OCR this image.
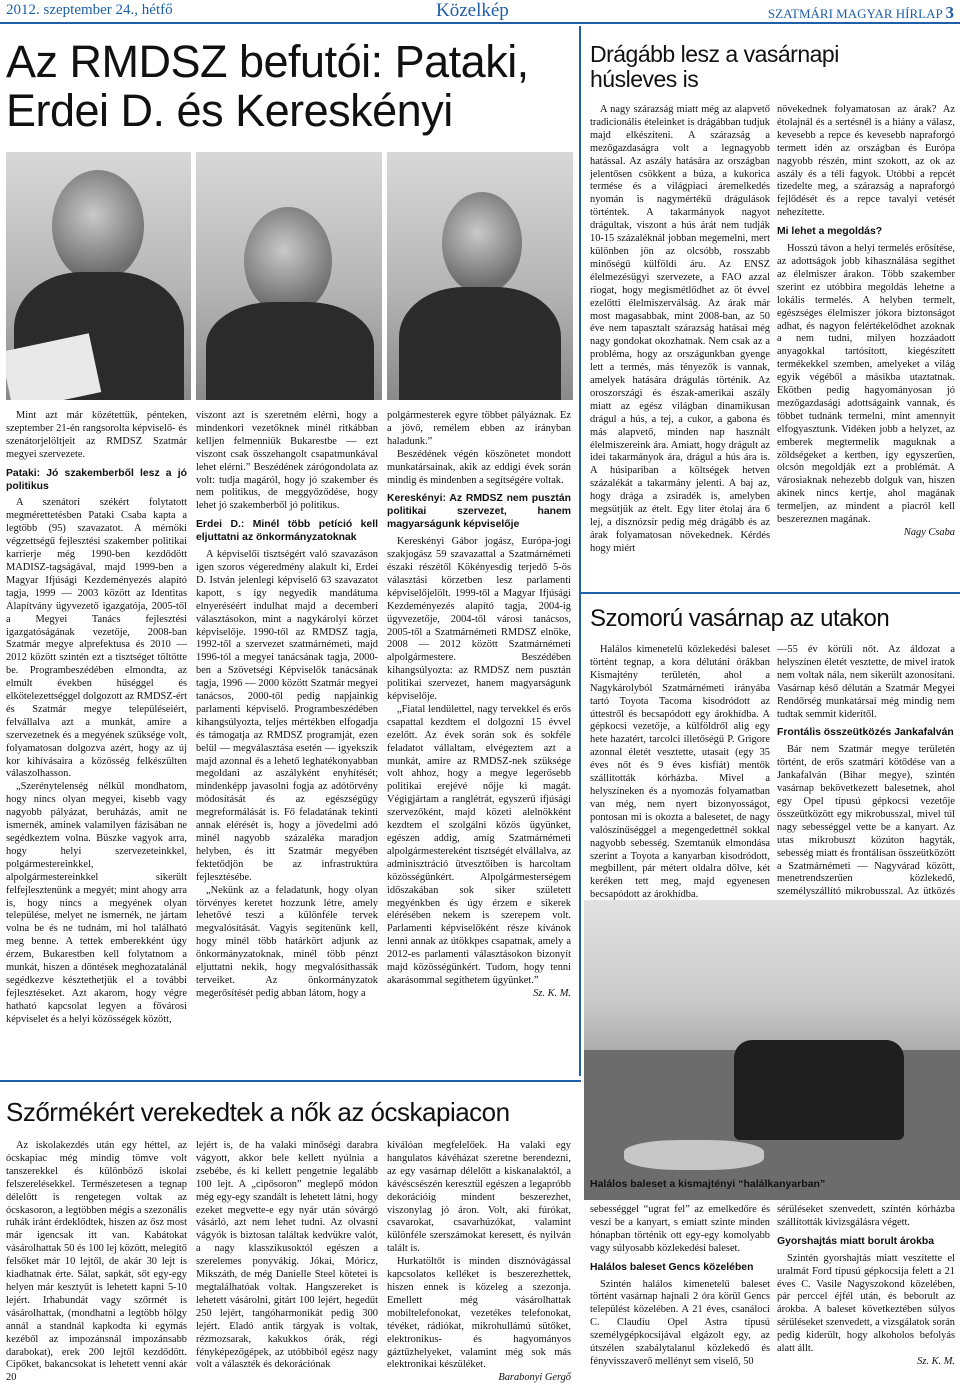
2012. szeptember 24., hétfő	Közelkép	SZATMÁRI MAGYAR HÍRLAP 3
Az RMDSZ befutói: Pataki,
Erdei D. és Kereskényi

Mint azt már közétettük, pénteken, szeptember 21-én rangsorolta képviselő- és szenátorjelöltjeit az RMDSZ Szatmár megyei szervezete.

Pataki: Jó szakemberből lesz a jó politikus

A szenátori székért folytatott megmérettetésben Pataki Csaba kapta a legtöbb (95) szavazatot. A mérnöki végzettségű fejlesztési szakember politikai karrierje még 1990-ben kezdődött MADISZ-tagságával, majd 1999-ben a Magyar Ifjúsági Kezdeményezés alapító tagja, 1999 — 2003 között az Identitas Alapítvány ügyvezető igazgatója, 2005-től a Megyei Tanács fejlesztési igazgatóságának vezetője, 2008-ban Szatmár megye alprefektusa és 2010 — 2012 között szintén ezt a tisztséget töltötte be. Programbeszédében elmondta, az elmúlt években hűséggel és elkötelezettséggel dolgozott az RMDSZ-ért és Szatmár megye településeiért, felvállalva azt a munkát, amire a szervezetnek és a megyének szüksége volt, folyamatosan dolgozva azért, hogy az új kor kihívásaira a közösség felkészülten válaszolhasson.

„Szerénytelenség nélkül mondhatom, hogy nincs olyan megyei, kisebb vagy nagyobb pályázat, beruházás, amit ne ismernék, aminek valamilyen fázisában ne segédkeztem volna. Büszke vagyok arra, hogy helyi szervezeteinkkel, polgármestereinkkel, alpolgármestereinkkel sikerült felfejlesztenünk a megyét; mint ahogy arra is, hogy nincs a megyének olyan települése, melyet ne ismernék, ne jártam volna be és ne tudnám, mi hol található meg benne. A tettek emberekként úgy érzem, Bukarestben kell folytatnom a munkát, hiszen a döntések meghozatalánál segédkezve késztethetjük el a további fejlesztéseket. Azt akarom, hogy végre hatható kapcsolat legyen a fővárosi képviselet és a helyi közösségek között,

viszont azt is szeretném elérni, hogy a mindenkori vezetőknek minél ritkábban kelljen felmenniük Bukarestbe — ezt viszont csak összehangolt csapatmunkával lehet elérni.” Beszédének zárógondolata az volt: tudja magáról, hogy jó szakember és nem politikus, de meggyőződése, hogy lehet jó szakemberből jó politikus.

Erdei D.: Minél több petíció kell eljuttatni az önkormányzatoknak

A képviselői tisztségért való szavazáson igen szoros végeredmény alakult ki, Erdei D. István jelenlegi képviselő 63 szavazatot kapott, s így negyedik mandátuma elnyeréséért indulhat majd a decemberi választásokon, mint a nagykárolyi körzet képviselője. 1990-től az RMDSZ tagja, 1992-től a szervezet szatmárnémeti, majd 1996-tól a megyei tanácsának tagja, 2000-ben a Szövetségi Képviselők tanácsának tagja, 1996 — 2000 között Szatmár megyei tanácsos, 2000-től pedig napjainkig parlamenti képviselő. Programbeszédében kihangsúlyozta, teljes mértékben elfogadja és támogatja az RMDSZ programját, ezen belül — megválasztása esetén — igyekszik majd azonnal és a lehető leghatékonyabban megoldani az aszályként enyhítését; mindenképp javasolni fogja az adótörvény módosítását és az egészségügy megreformálását is. Fő feladatának tekinti annak elérését is, hogy a jövedelmi adó minél nagyobb százaléka maradjon helyben, és itt Szatmár megyében fektetődjön be az infrastruktúra fejlesztésébe.

„Nekünk az a feladatunk, hogy olyan törvényes keretet hozzunk létre, amely lehetővé teszi a különféle tervek megvalósítását. Vagyis segítenünk kell, hogy minél több határkört adjunk az önkormányzatoknak, minél több pénzt eljuttatni nekik, hogy megvalósíthassák terveiket. Az önkormányzatok megerősítését pedig abban látom, hogy a

polgármesterek egyre többet pályáznak. Ez a jövő, remélem ebben az irányban haladunk.”

Beszédének végén köszönetet mondott munkatársainak, akik az eddigi évek során mindig és mindenben a segítségére voltak.

Kereskényi: Az RMDSZ nem pusztán politikai szervezet, hanem magyarságunk képviselője

Kereskényi Gábor jogász, Európa-jogi szakjogász 59 szavazattal a Szatmárnémeti északi részétől Kökényesdig terjedő 5-ös választási körzetben lesz parlamenti képviselőjelölt. 1999-től a Magyar Ifjúsági Kezdeményezés alapító tagja, 2004-ig ügyvezetője, 2004-től városi tanácsos, 2005-től a Szatmárnémeti RMDSZ elnöke, 2008 — 2012 között Szatmárnémeti alpolgármestere. Beszédében kihangsúlyozta: az RMDSZ nem pusztán politikai szervezet, hanem magyarságunk képviselője.

„Fiatal lendülettel, nagy tervekkel és erős csapattal kezdtem el dolgozni 15 évvel ezelőtt. Az évek során sok és sokféle feladatot vállaltam, elvégeztem azt a munkát, amire az RMDSZ-nek szüksége volt ahhoz, hogy a megye legerősebb politikai erejévé nőjje ki magát. Végigjártam a ranglétrát, egyszerű ifjúsági szervezőként, majd közeti alelnökként kezdtem el szolgálni közös ügyünket, egészen addig, amíg Szatmárnémeti alpolgármestereként tisztségét elvállalva, az adminisztráció ütvesztőiben is harcoltam közösségünkért. Alpolgármesterségem időszakában sok siker született megyénkben és úgy érzem e sikerek elérésében nekem is szerepem volt. Parlamenti képviselőként része kívánok lenni annak az útökkpes csapatnak, amely a 2012-es parlamenti választásokon bizonyít majd közösségünkért. Tudom, hogy tenni akarásommal segíthetem ügyünket.”

Sz. K. M.
Drágább lesz a vasárnapi
húsleves is

A nagy szárazság miatt még az alapvető tradicionális ételeinket is drágábban tudjuk majd elkészíteni. A szárazság a mezőgazdaságra volt a legnagyobb hatással. Az aszály hatására az országban jelentősen csökkent a búza, a kukorica termése és a világpiaci áremelkedés nyomán is nagymértékű drágulások történtek. A takarmányok nagyot drágultak, viszont a hús árát nem tudják 10-15 százaléknál jobban megemelni, mert különben jön az olcsóbb, rosszabb minőségű külföldi áru. Az ENSZ élelmezésügyi szervezete, a FAO azzal riogat, hogy megismétlődhet az öt évvel ezelőtti élelmiszerválság. Az árak már most magasabbak, mint 2008-ban, az 50 éve nem tapasztalt szárazság hatásai még nagy gondokat okozhatnak. Nem csak az a probléma, hogy az országunkban gyenge lett a termés, más tényezők is vannak, amelyek hatására drágulás történik. Az oroszországi és észak-amerikai aszály miatt az egész világban dinamikusan drágul a hús, a tej, a cukor, a gabona és más alapvető, minden nap használt élelmiszereink ára. Amiatt, hogy drágult az idei takarmányok ára, drágul a hús ára is. A húsipariban a költségek hetven százalékát a takarmány jelenti. A baj az, hogy drága a zsiradék is, amelyben megsütjük az ételt. Egy liter étolaj ára 6 lej, a disznózsír pedig még drágább és az árak folyamatosan növekednek. Kérdés hogy miért

növekednek folyamatosan az árak? Az étolajnál és a sertésnél is a hiány a válasz, kevesebb a repce és kevesebb napraforgó termett idén az országban és Európa nagyobb részén, mint szokott, az ok az aszály és a téli fagyok. Utóbbi a repcét tizedelte meg, a szárazság a napraforgó fejlődését és a repce tavalyi vetését nehezítette.

Mi lehet a megoldás?

Hosszú távon a helyi termelés erősítése, az adottságok jobb kihasználása segíthet az élelmiszer árakon. Több szakember szerint ez utóbbira megoldás lehetne a lokális termelés. A helyben termelt, egészséges élelmiszer jókora biztonságot adhat, és nagyon felértékelődhet azoknak a nem tudni, milyen hozzáadott anyagokkal tartósított, kiegészített termékekkel szemben, amelyeket a világ egyik végéből a másikba utaztatnak. Ekötben pedig hagyományosan jó mezőgazdasági adottságaink vannak, és többet tudnánk termelni, mint amennyit elfogyasztunk. Vidéken jobb a helyzet, az emberek megtermelik maguknak a zöldségeket a kertben, így egyszerűen, olcsón megoldják ezt a problémát. A városiaknak nehezebb dolguk van, hiszen akinek nincs kertje, ahol magának termeljen, az mindent a piacról kell beszereznen magának.

Nagy Csaba
Szomorú vasárnap az utakon

Halálos kimenetelű közlekedési baleset történt tegnap, a kora délutáni órákban Kismajtény területén, ahol a Nagykárolyból Szatmárnémeti irányába tartó Toyota Tacoma kisodródott az úttestről és becsapódott egy árokhídba. A gépkocsi vezetője, a külföldről alig egy hete hazatért, tarcolci illetőségű P. Grigore azonnal életét vesztette, utasait (egy 35 éves nőt és 9 éves kisfiát) mentők szállították kórházba. Mivel a helyszíneken és a nyomozás folyamatban van még, nem nyert bizonyosságot, pontosan mi is okozta a balesetet, de nagy valószínűséggel a megengedettnél sokkal nagyobb sebesség. Szemtanúk elmondása szerint a Toyota a kanyarban kisodródott, megbillent, pár métert oldalra dőlve, két keréken tett meg, majd egyenesen becsapódott az árokhídba.

—55 év körüli nőt. Az áldozat a helyszínen életét vesztette, de mivel iratok nem voltak nála, nem sikerült azonosítani. Vasárnap késő délután a Szatmár Megyei Rendőrség munkatársai még mindig nem tudtak semmit kiderítől.

Frontális összeütközés Jankafalván

Bár nem Szatmár megye területén történt, de erős szatmári kötődése van a Jankafalván (Bihar megye), szintén vasárnap bekövetkezett balesetnek, ahol egy Opel típusú gépkocsi vezetője összeütközött egy mikrobusszal, mivel túl nagy sebességgel vette be a kanyart. Az utas mikrobuszt közúton hagyták, sebesség miatt és frontálisan összeütközött a Szatmárnémeti — Nagyvárad között, menetrendszerűen közlekedő, személyszállító mikrobusszal. Az ütközés

Halálos baleset a kismajtényi “halálkanyarban”

sebességgel “ugrat fel” az emelkedőre és veszi be a kanyart, s emiatt szinte minden hónapban történik ott egy-egy komolyabb vagy súlyosabb közlekedési baleset.

Halálos baleset Gencs közelében

Szintén halálos kimenetelű baleset történt vasárnap hajnali 2 óra körül Gencs települést közelében. A 21 éves, csanáloci C. Claudiu Opel Astra típusú személygépkocsijával elgázolt egy, az útszélen szabálytalanul közlekedő és fényvisszaverő mellényt sem viselő, 50

sérüléseket szenvedett, szintén kórházba szállították kivizsgálásra végett.

Gyorshajtás miatt borult árokba

Szintén gyorshajtás miatt veszítette el uralmát Ford típusú gépkocsija felett a 21 éves C. Vasile Nagyszokond közelében, pár perccel éjfél után, és beborult az árokba. A baleset következtében súlyos sérüléseket szenvedett, a vizsgálatok során pedig kiderült, hogy alkoholos befolyás alatt állt.

Sz. K. M.
Szőrmékért verekedtek a nők az ócskapiacon

Az iskolakezdés után egy héttel, az ócskapiac még mindig tömve volt tanszerekkel és különböző iskolai felszerelésekkel. Természetesen a tegnap délelőtt is rengetegen voltak az ócskasoron, a legtöbben mégis a szezonális ruhák iránt érdeklődtek, hiszen az ősz most már igencsak itt van. Kabátokat vásárolhattak 50 és 100 lej között, melegítő felsőket már 10 lejtől, de akár 30 lejt is kiadhatnak érte. Sálat, sapkát, sőt egy-egy helyen már kesztyűt is lehetett kapni 5-10 lejért. Irhabundát vagy szőrmét is vásárolhattak, (mondhatni a legtöbb hölgy annál a standnál kapkodta ki egymás kezéből az impozánsnál impozánsabb darabokat), erek 200 lejtől kezdődött. Cipőket, bakancsokat is lehetett venni akár 20

lejért is, de ha valaki minőségi darabra vágyott, akkor bele kellett nyúlnia a zsebébe, és ki kellett pengetnie legalább 100 lejt. A „cipősoron” meglepő módon még egy-egy szandált is lehetett látni, hogy ezeket megvette-e egy nyár után sóvárgó vásárló, azt nem lehet tudni. Az olvasni vágyók is biztosan találtak kedvükre valót, a nagy klasszikusoktól egészen a szerelemes ponyvákig. Jókai, Móricz, Mikszáth, de még Danielle Steel kötetei is megtalálhatóak voltak. Hangszereket is lehetett vásárolni, gitárt 100 lejért, hegedűt 250 lejért, tangóharmonikát pedig 300 lejért. Eladó antik tárgyak is voltak, rézmozsarak, kakukkos órák, régi fényképezőgépek, az utóbbiból egész nagy volt a választék és dekorációnak

kiválóan megfelelőek. Ha valaki egy hangulatos kávéházat szeretne berendezni, az egy vasárnap délelőtt a kiskanalaktól, a kávéscsészén keresztül egészen a legapróbb dekorációig mindent beszerezhet, viszonylag jó áron. Volt, aki fúrókat, csavarokat, csavarhúzókat, valamint különféle szerszámokat keresett, és nyilván talált is.

Hurkatöltőt is minden disznóvágással kapcsolatos kelléket is beszerezhettek, hiszen ennek is közeleg a szezonja. Emellett még vásárolhattak mobiltelefonokat, vezetékes telefonokat, tévéket, rádiókat, mikrohullámú sütőket, elektronikus- és hagyományos gáztűzhelyeket, valamint még sok más elektronikai készüléket.

Barabonyi Gergő
